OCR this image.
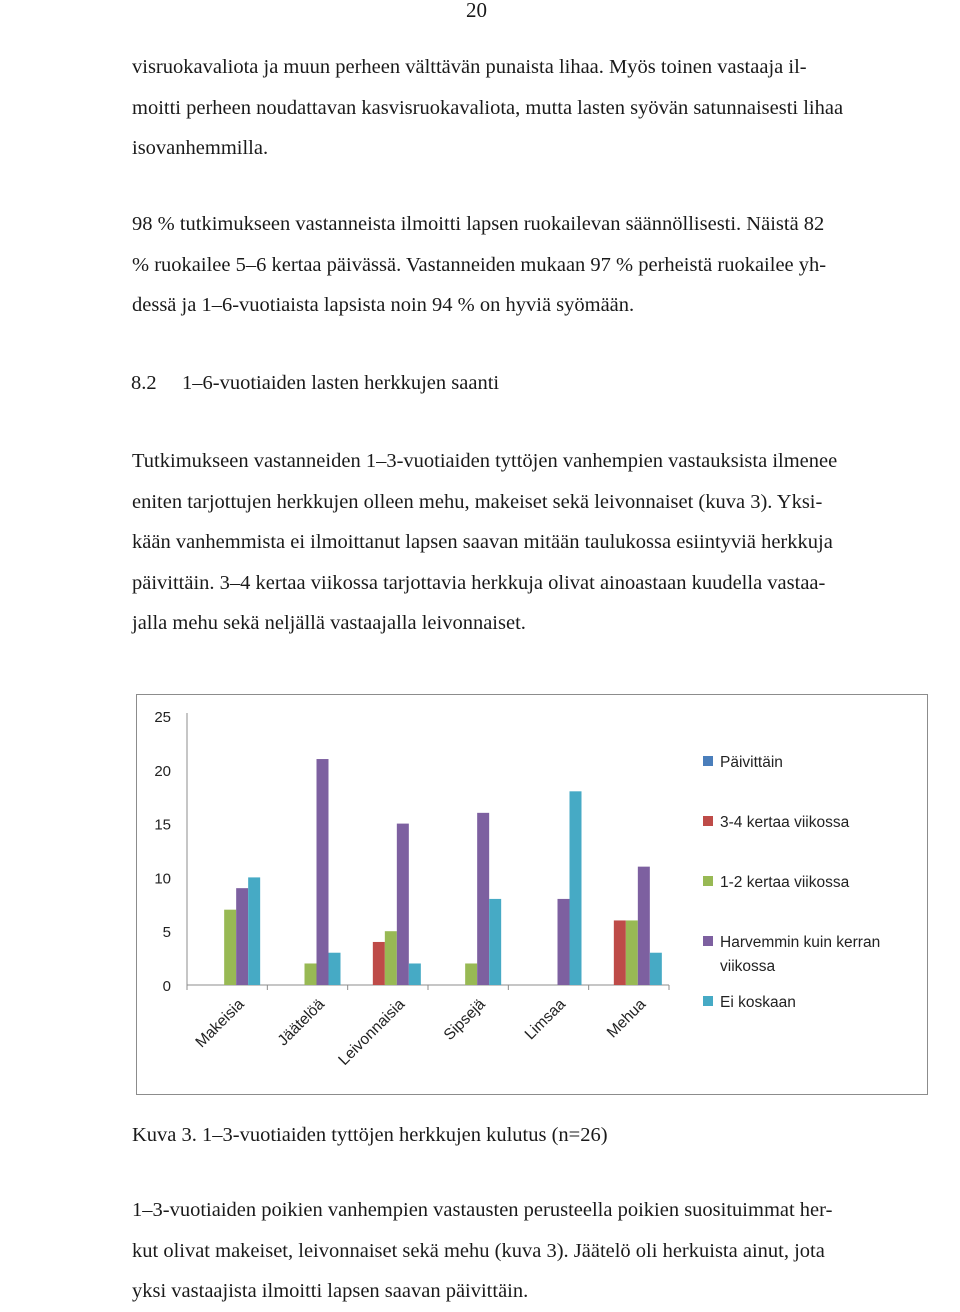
20
visruokavaliota ja muun perheen välttävän punaista lihaa. Myös toinen vastaaja il-
moitti perheen noudattavan kasvisruokavaliota, mutta lasten syövän satunnaisesti lihaa
isovanhemmilla.
98 % tutkimukseen vastanneista ilmoitti lapsen ruokailevan säännöllisesti. Näistä 82
% ruokailee 5–6 kertaa päivässä. Vastanneiden mukaan 97 % perheistä ruokailee yh-
dessä ja 1–6-vuotiaista lapsista noin 94 % on hyviä syömään.
8.2 1–6-vuotiaiden lasten herkkujen saanti
Tutkimukseen vastanneiden 1–3-vuotiaiden tyttöjen vanhempien vastauksista ilmenee
eniten tarjottujen herkkujen olleen mehu, makeiset sekä leivonnaiset (kuva 3). Yksi-
kään vanhemmista ei ilmoittanut lapsen saavan mitään taulukossa esiintyviä herkkuja
päivittäin. 3–4 kertaa viikossa tarjottavia herkkuja olivat ainoastaan kuudella vastaa-
jalla mehu sekä neljällä vastaajalla leivonnaiset.
0
5
10
15
20
25
Makeisia Jäätelöä Leivonnaisia Sipsejä Limsaa Mehua
Päivittäin
3-4 kertaa viikossa
1-2 kertaa viikossa
Harvemmin kuin kerran
viikossa
Ei koskaan
Kuva 3. 1–3-vuotiaiden tyttöjen herkkujen kulutus (n=26)
1–3-vuotiaiden poikien vanhempien vastausten perusteella poikien suosituimmat her-
kut olivat makeiset, leivonnaiset sekä mehu (kuva 3). Jäätelö oli herkuista ainut, jota
yksi vastaajista ilmoitti lapsen saavan päivittäin.
